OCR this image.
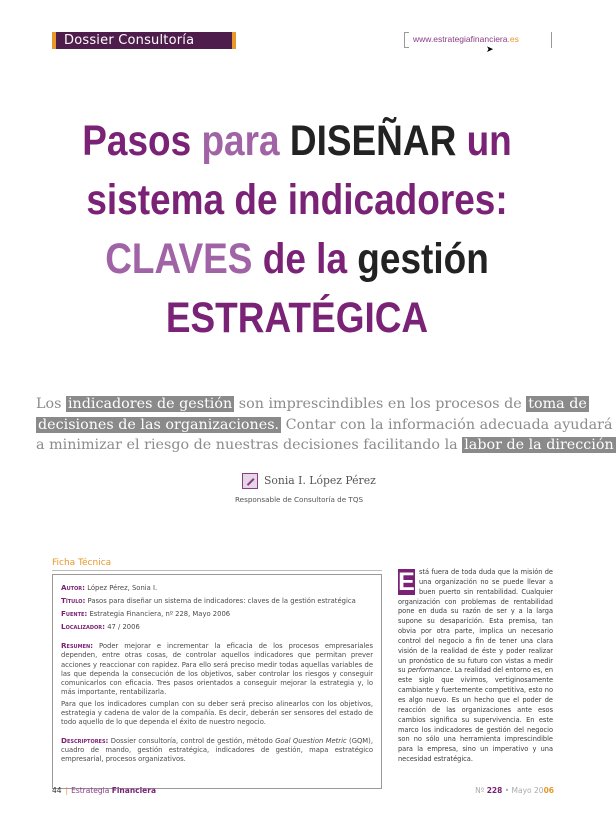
Dossier Consultoría	www.estrategiafinanciera.es
➤
Pasos para DISEÑAR un
sistema de indicadores:
CLAVES de la gestión
ESTRATÉGICA
Los indicadores de gestión son imprescindibles en los procesos de toma de
decisiones de las organizaciones. Contar con la información adecuada ayudará
a minimizar el riesgo de nuestras decisiones facilitando la labor de la dirección
Sonia I. López Pérez
Responsable de Consultoría de TQS
Ficha Técnica

Autor: López Pérez, Sonia I.

Título: Pasos para diseñar un sistema de indicadores: claves de la gestión estratégica

Fuente: Estrategia Financiera, nº 228, Mayo 2006

Localizador: 47 / 2006

Resumen: Poder mejorar e incrementar la eficacia de los procesos empresariales dependen, entre otras cosas, de controlar aquellos indicadores que permitan prever acciones y reaccionar con rapidez. Para ello será preciso medir todas aquellas variables de las que dependa la consecución de los objetivos, saber controlar los riesgos y conseguir comunicarlos con eficacia. Tres pasos orientados a conseguir mejorar la estrategia y, lo más importante, rentabilizarla.

Para que los indicadores cumplan con su deber será preciso alinearlos con los objetivos, estrategia y cadena de valor de la compañía. Es decir, deberán ser sensores del estado de todo aquello de lo que dependa el éxito de nuestro negocio.

Descriptores: Dossier consultoría, control de gestión, método Goal Question Metric (GQM), cuadro de mando, gestión estratégica, indicadores de gestión, mapa estratégico empresarial, procesos organizativos.

E stá fuera de toda duda que la misión de una organización no se puede llevar a buen puerto sin rentabilidad. Cualquier organización con problemas de rentabilidad pone en duda su razón de ser y a la larga supone su desaparición. Esta premisa, tan obvia por otra parte, implica un necesario control del negocio a fin de tener una clara visión de la realidad de éste y poder realizar un pronóstico de su futuro con vistas a medir su performance. La realidad del entorno es, en este siglo que vivimos, vertiginosamente cambiante y fuertemente competitiva, esto no es algo nuevo. Es un hecho que el poder de reacción de las organizaciones ante esos cambios significa su supervivencia. En este marco los indicadores de gestión del negocio son no sólo una herramienta imprescindible para la empresa, sino un imperativo y una necesidad estratégica.
44 | Estrategia Financiera	Nº 228 • Mayo 2006
